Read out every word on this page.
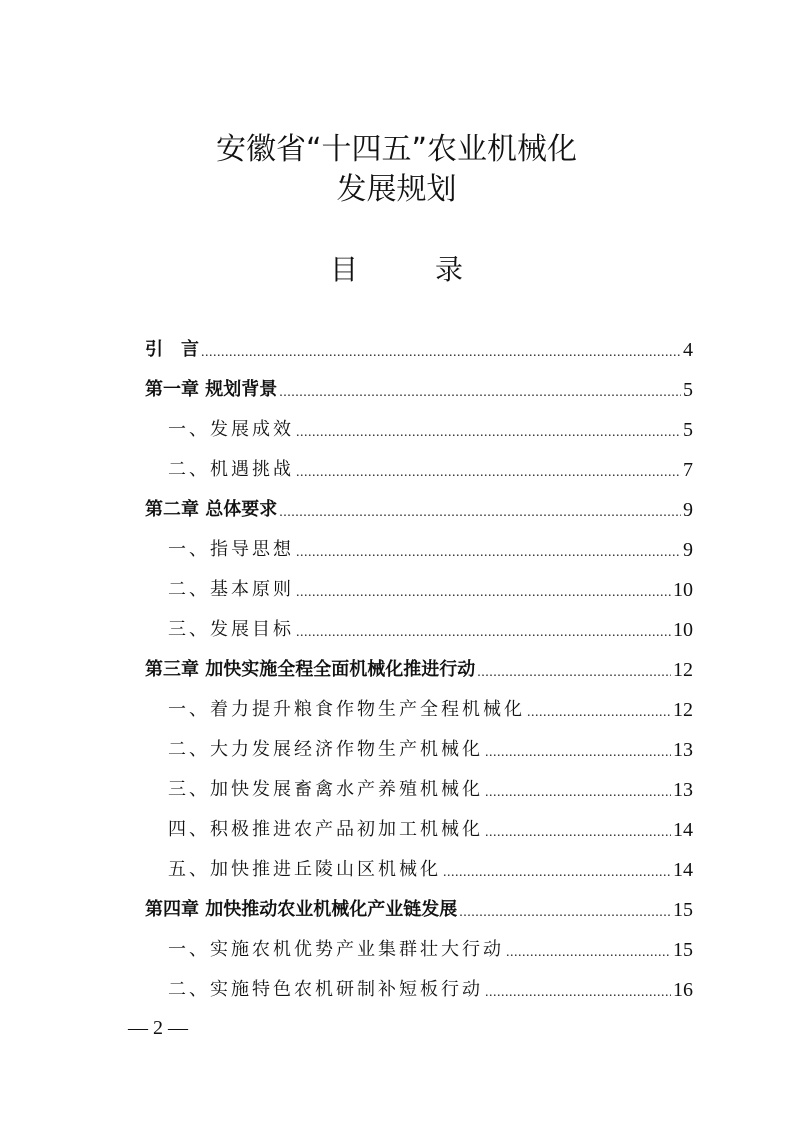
安徽省“十四五”农业机械化
发展规划
目 录
引　言 .....	4
第一章 规划背景 .....	5
一、发展成效 .....	5
二、机遇挑战 .....	7
第二章 总体要求 .....	9
一、指导思想 .....	9
二、基本原则 .....	10
三、发展目标 .....	10
第三章 加快实施全程全面机械化推进行动 .....	12
一、着力提升粮食作物生产全程机械化 .....	12
二、大力发展经济作物生产机械化 .....	13
三、加快发展畜禽水产养殖机械化 .....	13
四、积极推进农产品初加工机械化 .....	14
五、加快推进丘陵山区机械化 .....	14
第四章 加快推动农业机械化产业链发展 .....	15
一、实施农机优势产业集群壮大行动 .....	15
二、实施特色农机研制补短板行动 .....	16
— 2 —
